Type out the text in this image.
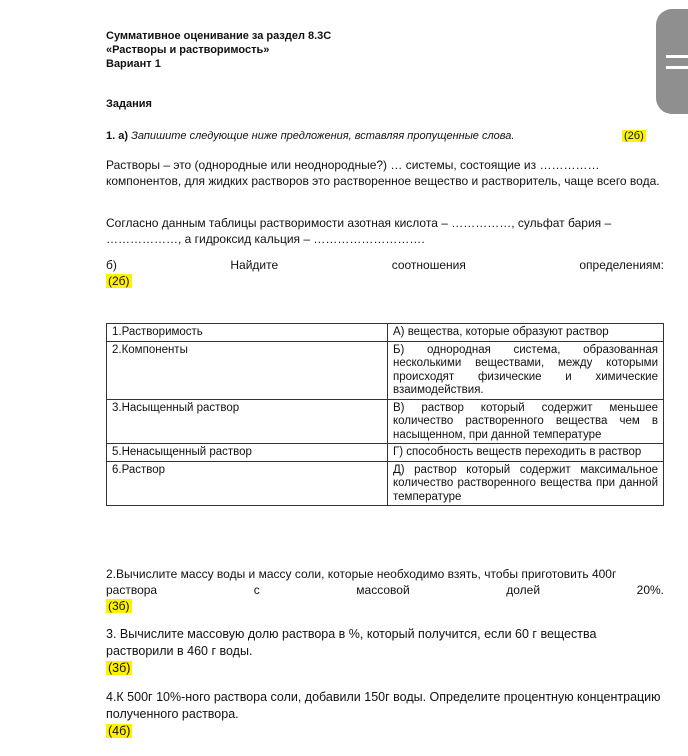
Суммативное оценивание за раздел 8.3С
«Растворы и растворимость»
Вариант 1
Задания
1. а) Запишите следующие ниже предложения, вставляя пропущенные слова.	(2б)
Растворы – это (однородные или неоднородные?) … системы, состоящие из …………… компонентов, для жидких растворов это растворенное вещество и растворитель, чаще всего вода.
Согласно данным таблицы растворимости азотная кислота – ……………, сульфат бария – ………………, а гидроксид кальция – ……………………….
б)	Найдите	соотношения	определениям:
(2б)
1.Растворимость	А) вещества, которые образуют раствор
2.Компоненты	Б) однородная система, образованная несколькими веществами, между которыми происходят физические и химические взаимодействия.
3.Насыщенный раствор	В) раствор который содержит меньшее количество растворенного вещества чем в насыщенном, при данной температуре
5.Ненасыщенный раствор	Г) способность веществ переходить в раствор
6.Раствор	Д) раствор который содержит максимальное количество растворенного вещества при данной температуре
2.Вычислите массу воды и массу соли, которые необходимо взять, чтобы приготовить 400г
раствора	с	массовой	долей	20%.
(3б)
3. Вычислите массовую долю раствора в %, который получится, если 60 г вещества растворили в 460 г воды.
(3б)
4.К 500г 10%-ного раствора соли, добавили 150г воды. Определите процентную концентрацию полученного раствора.
(4б)
